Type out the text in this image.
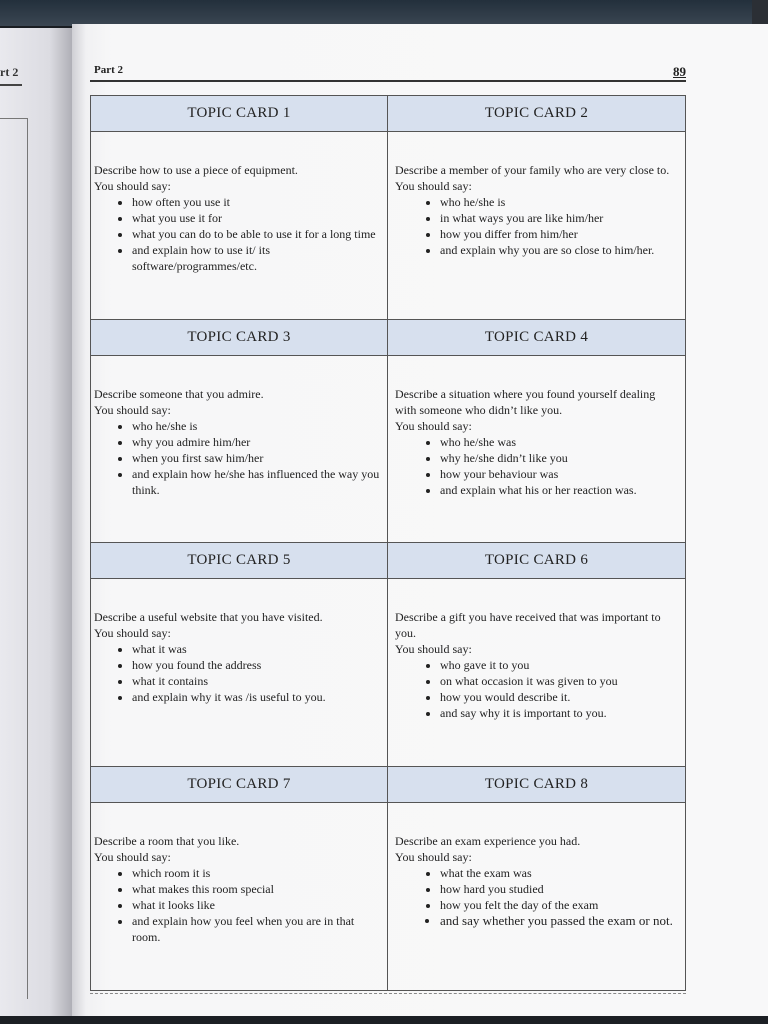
rt 2	Part 2	89
TOPIC CARD 1

Describe how to use a piece of equipment.

You should say:

• how often you use it
• what you use it for
• what you can do to be able to use it for a long time
• and explain how to use it/ its software/programmes/etc.
TOPIC CARD 2

Describe a member of your family who are very close to.

You should say:

• who he/she is
• in what ways you are like him/her
• how you differ from him/her
• and explain why you are so close to him/her.
TOPIC CARD 3

Describe someone that you admire.

You should say:

• who he/she is
• why you admire him/her
• when you first saw him/her
• and explain how he/she has influenced the way you think.
TOPIC CARD 4

Describe a situation where you found yourself dealing with someone who didn’t like you.

You should say:

• who he/she was
• why he/she didn’t like you
• how your behaviour was
• and explain what his or her reaction was.
TOPIC CARD 5

Describe a useful website that you have visited.

You should say:

• what it was
• how you found the address
• what it contains
• and explain why it was /is useful to you.
TOPIC CARD 6

Describe a gift you have received that was important to you.

You should say:

• who gave it to you
• on what occasion it was given to you
• how you would describe it.
• and say why it is important to you.
TOPIC CARD 7

Describe a room that you like.

You should say:

• which room it is
• what makes this room special
• what it looks like
• and explain how you feel when you are in that room.
TOPIC CARD 8

Describe an exam experience you had.

You should say:

• what the exam was
• how hard you studied
• how you felt the day of the exam
• and say whether you passed the exam or not.
